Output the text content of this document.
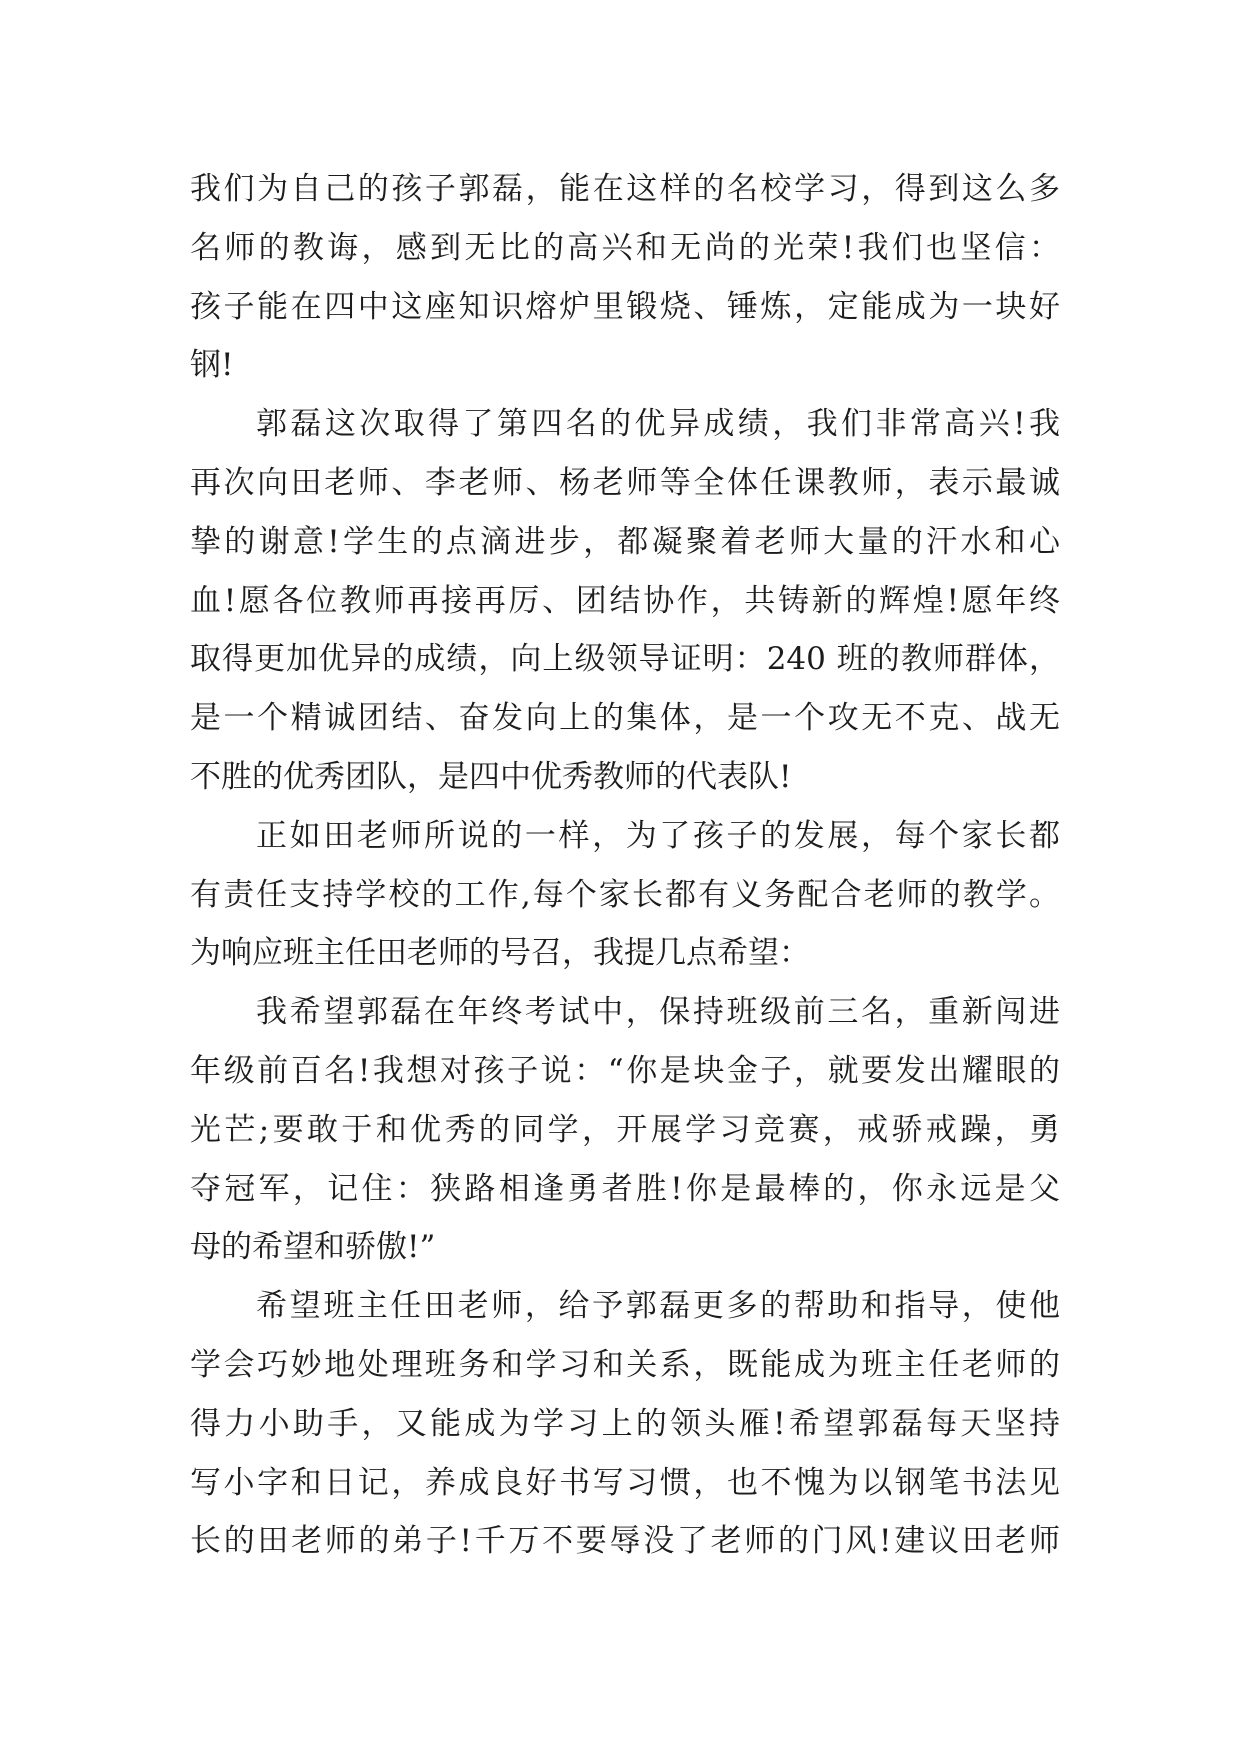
我们为自己的孩子郭磊，能在这样的名校学习，得到这么多
名师的教诲，感到无比的高兴和无尚的光荣!我们也坚信：
孩子能在四中这座知识熔炉里锻烧、锤炼，定能成为一块好
钢!
郭磊这次取得了第四名的优异成绩，我们非常高兴!我
再次向田老师、李老师、杨老师等全体任课教师，表示最诚
挚的谢意!学生的点滴进步，都凝聚着老师大量的汗水和心
血!愿各位教师再接再厉、团结协作，共铸新的辉煌!愿年终
取得更加优异的成绩，向上级领导证明：240 班的教师群体，
是一个精诚团结、奋发向上的集体，是一个攻无不克、战无
不胜的优秀团队，是四中优秀教师的代表队!
正如田老师所说的一样，为了孩子的发展，每个家长都
有责任支持学校的工作,每个家长都有义务配合老师的教学。
为响应班主任田老师的号召，我提几点希望：
我希望郭磊在年终考试中，保持班级前三名，重新闯进
年级前百名!我想对孩子说：“你是块金子，就要发出耀眼的
光芒;要敢于和优秀的同学，开展学习竞赛，戒骄戒躁，勇
夺冠军，记住：狭路相逢勇者胜!你是最棒的，你永远是父
母的希望和骄傲!”
希望班主任田老师，给予郭磊更多的帮助和指导，使他
学会巧妙地处理班务和学习和关系，既能成为班主任老师的
得力小助手，又能成为学习上的领头雁!希望郭磊每天坚持
写小字和日记，养成良好书写习惯，也不愧为以钢笔书法见
长的田老师的弟子!千万不要辱没了老师的门风!建议田老师
